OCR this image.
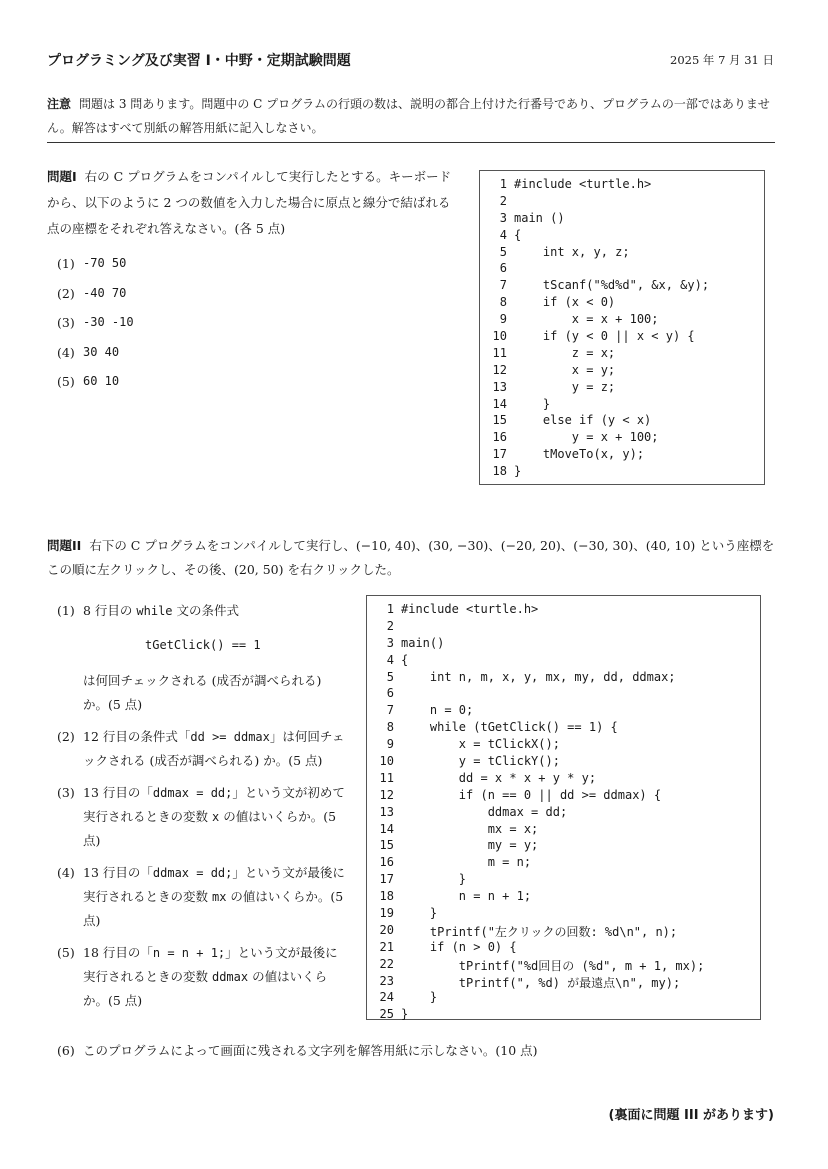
プログラミング及び実習 I・中野・定期試験問題	2025 年 7 月 31 日
注意 問題は 3 問あります。問題中の C プログラムの行頭の数は、説明の都合上付けた行番号であり、プログラムの一部ではありません。解答はすべて別紙の解答用紙に記入しなさい。
問題I 右の C プログラムをコンパイルして実行したとする。キーボードから、以下のように 2 つの数値を入力した場合に原点と線分で結ばれる点の座標をそれぞれ答えなさい。(各 5 点)
(1) -70 50
(2) -40 70
(3) -30 -10
(4) 30 40
(5) 60 10
1 #include <turtle.h>
2
3 main ()
4 {
5 int x, y, z;
6
7 tScanf("%d%d", &x, &y);
8 if (x < 0)
9 x = x + 100;
10 if (y < 0 || x < y) {
11 z = x;
12 x = y;
13 y = z;
14 }
15 else if (y < x)
16 y = x + 100;
17 tMoveTo(x, y);
18 }
問題II 右下の C プログラムをコンパイルして実行し、(−10, 40)、(30, −30)、(−20, 20)、(−30, 30)、(40, 10) という座標をこの順に左クリックし、その後、(20, 50) を右クリックした。
(1) 8 行目の while 文の条件式
tGetClick() == 1
は何回チェックされる (成否が調べられる) か。(5 点)
(2) 12 行目の条件式「dd >= ddmax」は何回チェックされる (成否が調べられる) か。(5 点)
(3) 13 行目の「ddmax = dd;」という文が初めて実行されるときの変数 x の値はいくらか。(5 点)
(4) 13 行目の「ddmax = dd;」という文が最後に実行されるときの変数 mx の値はいくらか。(5 点)
(5) 18 行目の「n = n + 1;」という文が最後に実行されるときの変数 ddmax の値はいくらか。(5 点)
1 #include <turtle.h>
2
3 main()
4 {
5 int n, m, x, y, mx, my, dd, ddmax;
6
7 n = 0;
8 while (tGetClick() == 1) {
9 x = tClickX();
10 y = tClickY();
11 dd = x * x + y * y;
12 if (n == 0 || dd >= ddmax) {
13 ddmax = dd;
14 mx = x;
15 my = y;
16 m = n;
17 }
18 n = n + 1;
19 }
20 tPrintf("左クリックの回数: %d\n", n);
21 if (n > 0) {
22 tPrintf("%d回目の (%d", m + 1, mx);
23 tPrintf(", %d) が最遠点\n", my);
24 }
25 }
(6) このプログラムによって画面に残される文字列を解答用紙に示しなさい。(10 点)
(裏面に問題 III があります)
